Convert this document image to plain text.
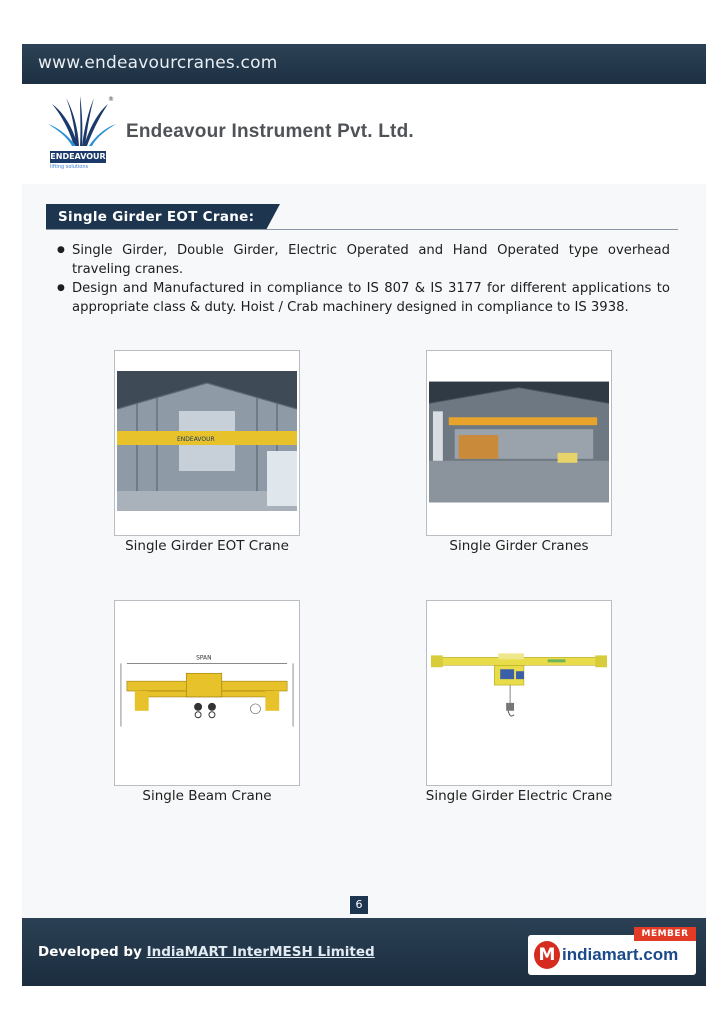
www.endeavourcranes.com
®
ENDEAVOUR
lifting solutions
Endeavour Instrument Pvt. Ltd.
Single Girder EOT Crane:
● Single Girder, Double Girder, Electric Operated and Hand Operated type overhead traveling cranes.
● Design and Manufactured in compliance to IS 807 & IS 3177 for different applications to appropriate class & duty. Hoist / Crab machinery designed in compliance to IS 3938.
ENDEAVOUR
Single Girder EOT Crane	Single Girder Cranes
SPAN
Single Beam Crane	Single Girder Electric Crane
6
Developed by IndiaMART InterMESH Limited	M indiamart.com
MEMBER
